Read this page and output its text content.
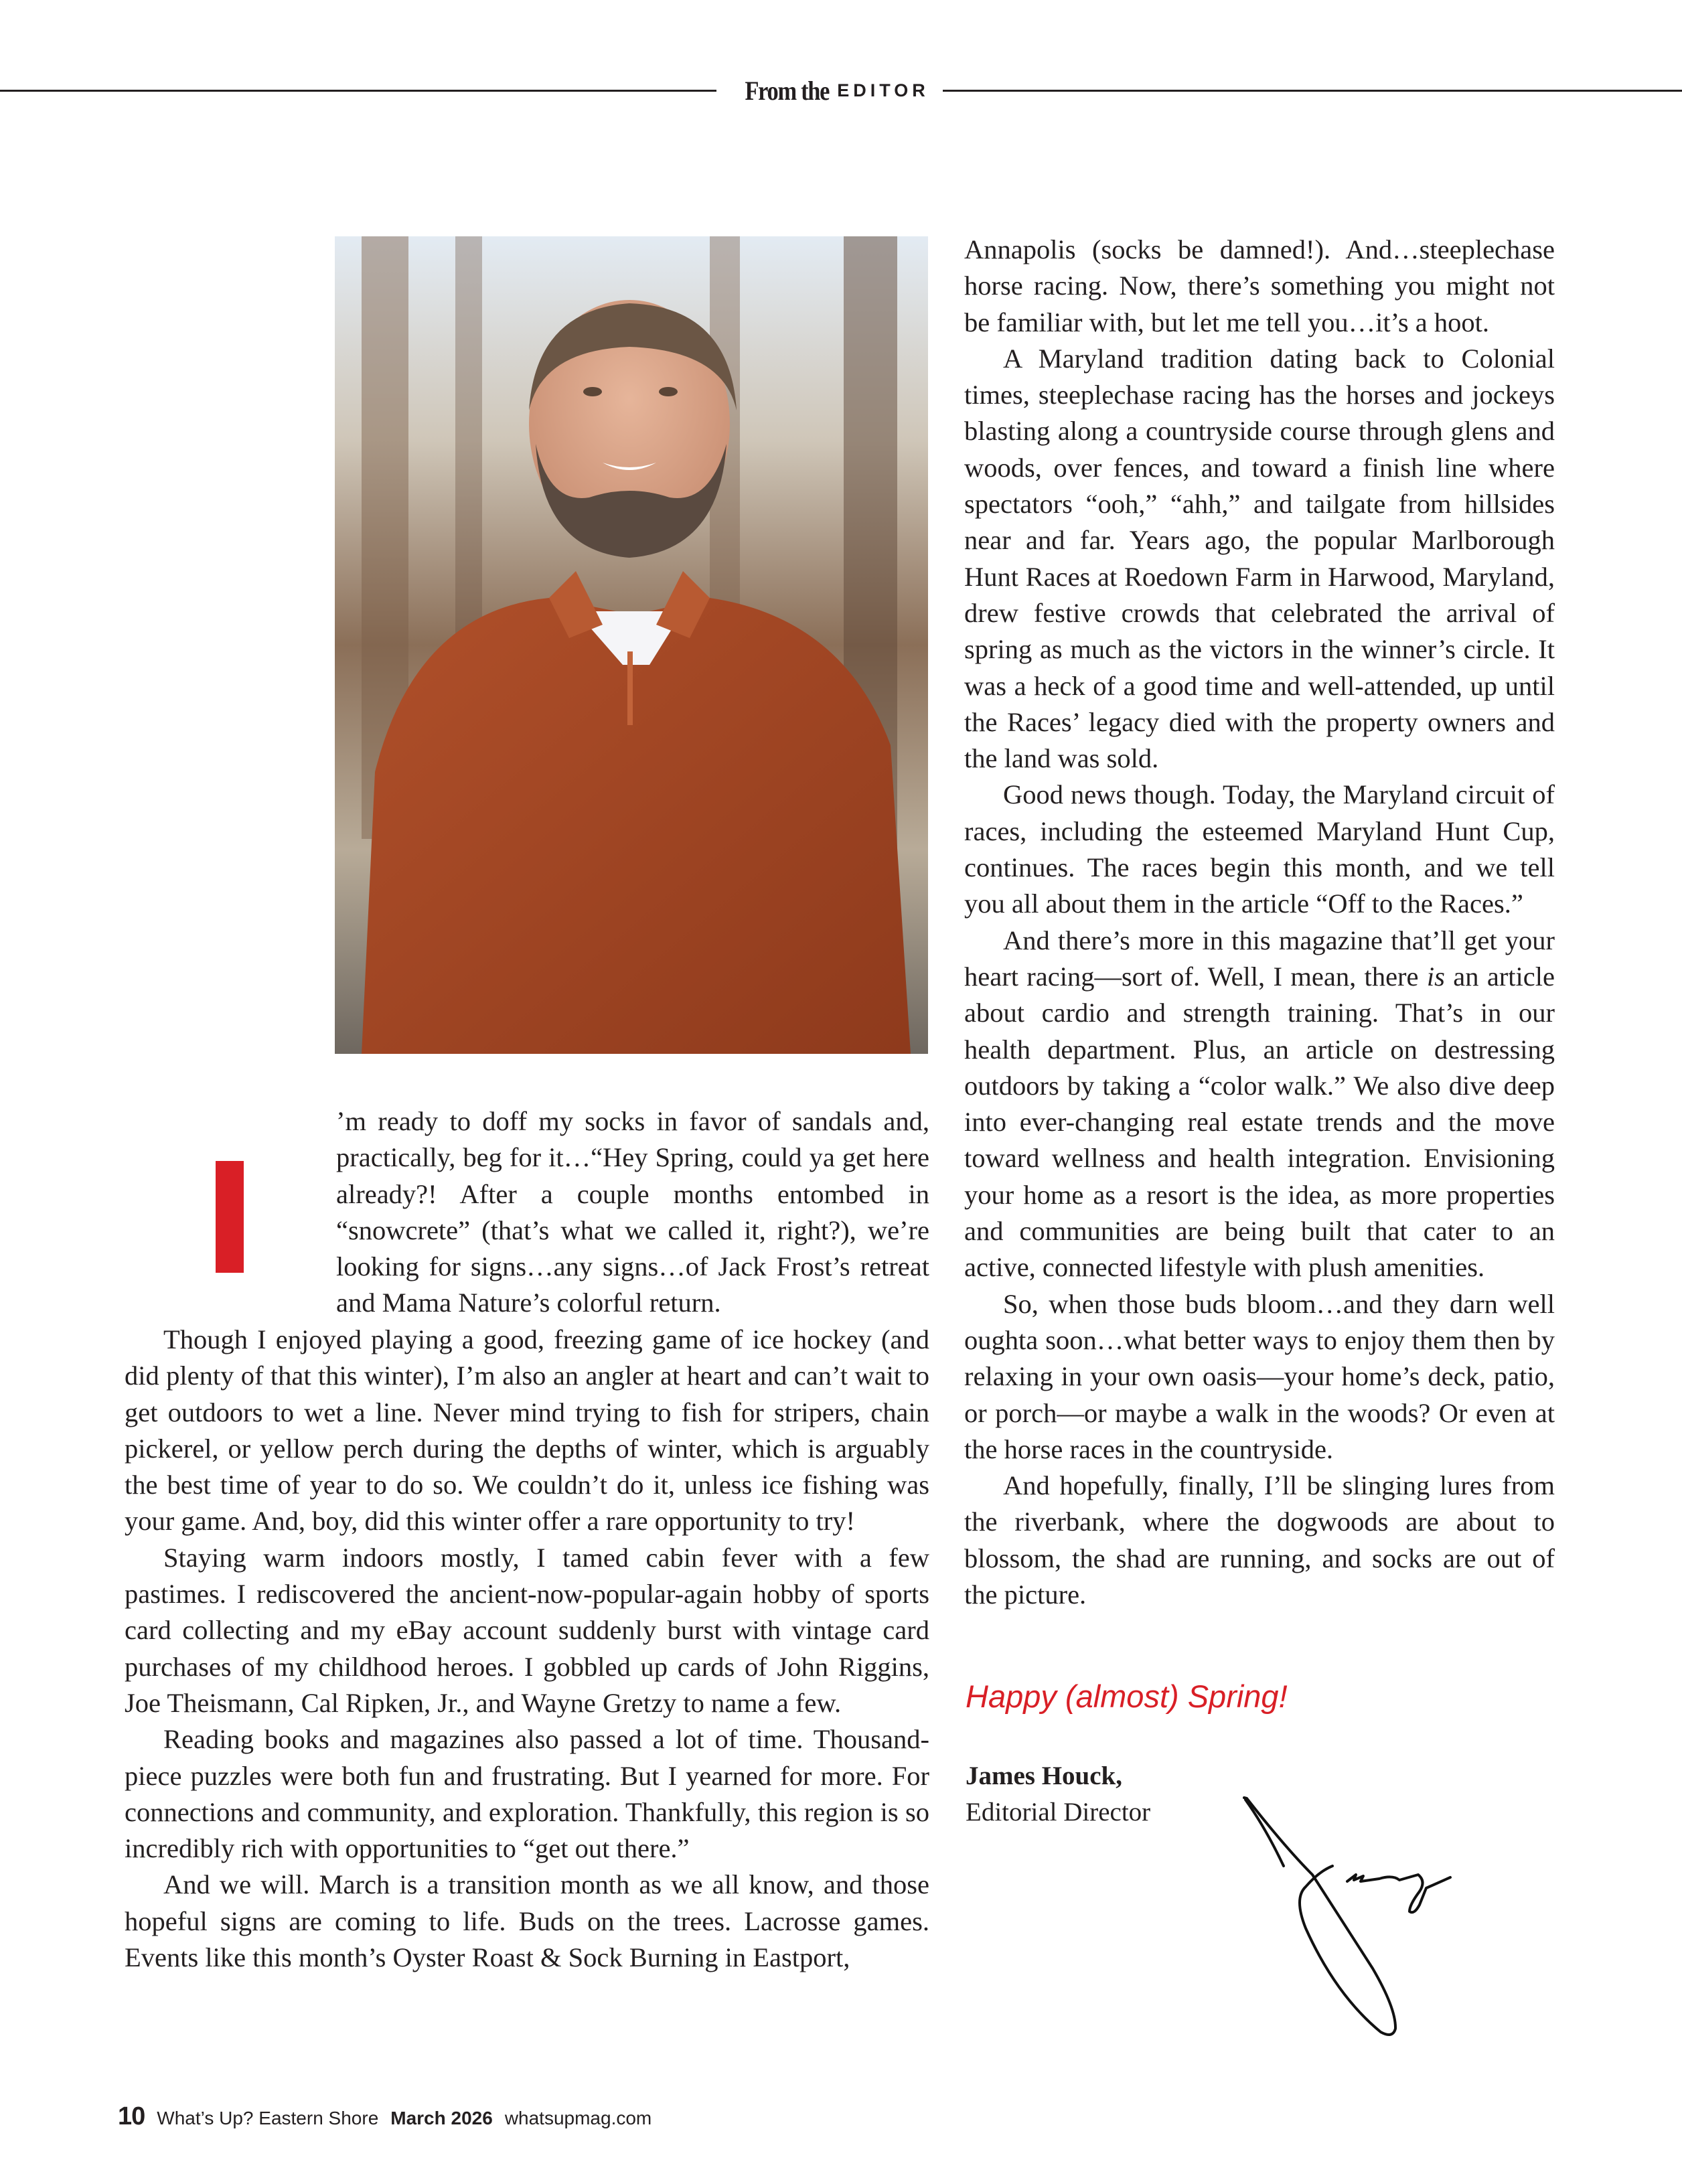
From the EDITOR

’m ready to doff my socks in favor of sandals and, practically, beg for it…“Hey Spring, could ya get here already?! After a couple months entombed in “snowcrete” (that’s what we called it, right?), we’re looking for signs…any signs…of Jack Frost’s retreat and Mama Nature’s colorful return.

Though I enjoyed playing a good, freezing game of ice hockey (and did plenty of that this winter), I’m also an angler at heart and can’t wait to get outdoors to wet a line. Never mind trying to fish for stripers, chain pickerel, or yellow perch during the depths of winter, which is arguably the best time of year to do so. We couldn’t do it, unless ice fishing was your game. And, boy, did this winter offer a rare opportunity to try!

Staying warm indoors mostly, I tamed cabin fever with a few pastimes. I rediscovered the ancient-now-popular-again hobby of sports card collecting and my eBay account suddenly burst with vintage card purchases of my childhood heroes. I gobbled up cards of John Riggins, Joe Theismann, Cal Ripken, Jr., and Wayne Gretzy to name a few.

Reading books and magazines also passed a lot of time. Thousand-piece puzzles were both fun and frustrating. But I yearned for more. For connections and community, and exploration. Thankfully, this region is so incredibly rich with opportunities to “get out there.”

And we will. March is a transition month as we all know, and those hopeful signs are coming to life. Buds on the trees. Lacrosse games. Events like this month’s Oyster Roast & Sock Burning in Eastport,

Annapolis (socks be damned!). And…steeplechase horse racing. Now, there’s something you might not be familiar with, but let me tell you…it’s a hoot.

A Maryland tradition dating back to Colonial times, steeplechase racing has the horses and jockeys blasting along a countryside course through glens and woods, over fences, and toward a finish line where spectators “ooh,” “ahh,” and tailgate from hillsides near and far. Years ago, the popular Marlborough Hunt Races at Roedown Farm in Harwood, Maryland, drew festive crowds that celebrated the arrival of spring as much as the victors in the winner’s circle. It was a heck of a good time and well-attended, up until the Races’ legacy died with the property owners and the land was sold.

Good news though. Today, the Maryland circuit of races, including the esteemed Maryland Hunt Cup, continues. The races begin this month, and we tell you all about them in the article “Off to the Races.”

And there’s more in this magazine that’ll get your heart racing—sort of. Well, I mean, there is an article about cardio and strength training. That’s in our health department. Plus, an article on destressing outdoors by taking a “color walk.” We also dive deep into ever-changing real estate trends and the move toward wellness and health integration. Envisioning your home as a resort is the idea, as more properties and communities are being built that cater to an active, connected lifestyle with plush amenities.

So, when those buds bloom…and they darn well oughta soon…what better ways to enjoy them then by relaxing in your own oasis—your home’s deck, patio, or porch—or maybe a walk in the woods? Or even at the horse races in the countryside.

And hopefully, finally, I’ll be slinging lures from the riverbank, where the dogwoods are about to blossom, the shad are running, and socks are out of the picture.

Happy (almost) Spring!
James Houck,
Editorial Director
10 What’s Up? Eastern Shore March 2026 whatsupmag.com
